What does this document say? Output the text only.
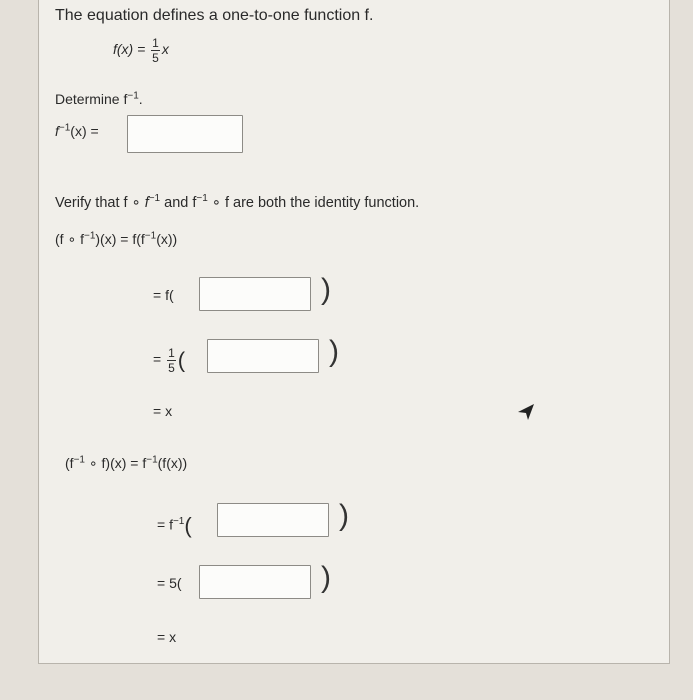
The equation defines a one-to-one function f.
$f(x) = \frac{1}{5}$ x
Determine $f^{-1}$.
$f^{-1}(x)$ =
Verify that f ∘ $f^{-1}$ and $f^{-1}$ ∘ f are both the identity function.
(f ∘ $f^{-1})(x) = f(f^{-1}(x))$
= f(	)
= $\frac{1}{5}$ (	)
= x
($f^{-1}$ ∘ $f)(x) = f^{-1}(f(x))$
= $f^{-1}$(	)
= 5(	)
= x
